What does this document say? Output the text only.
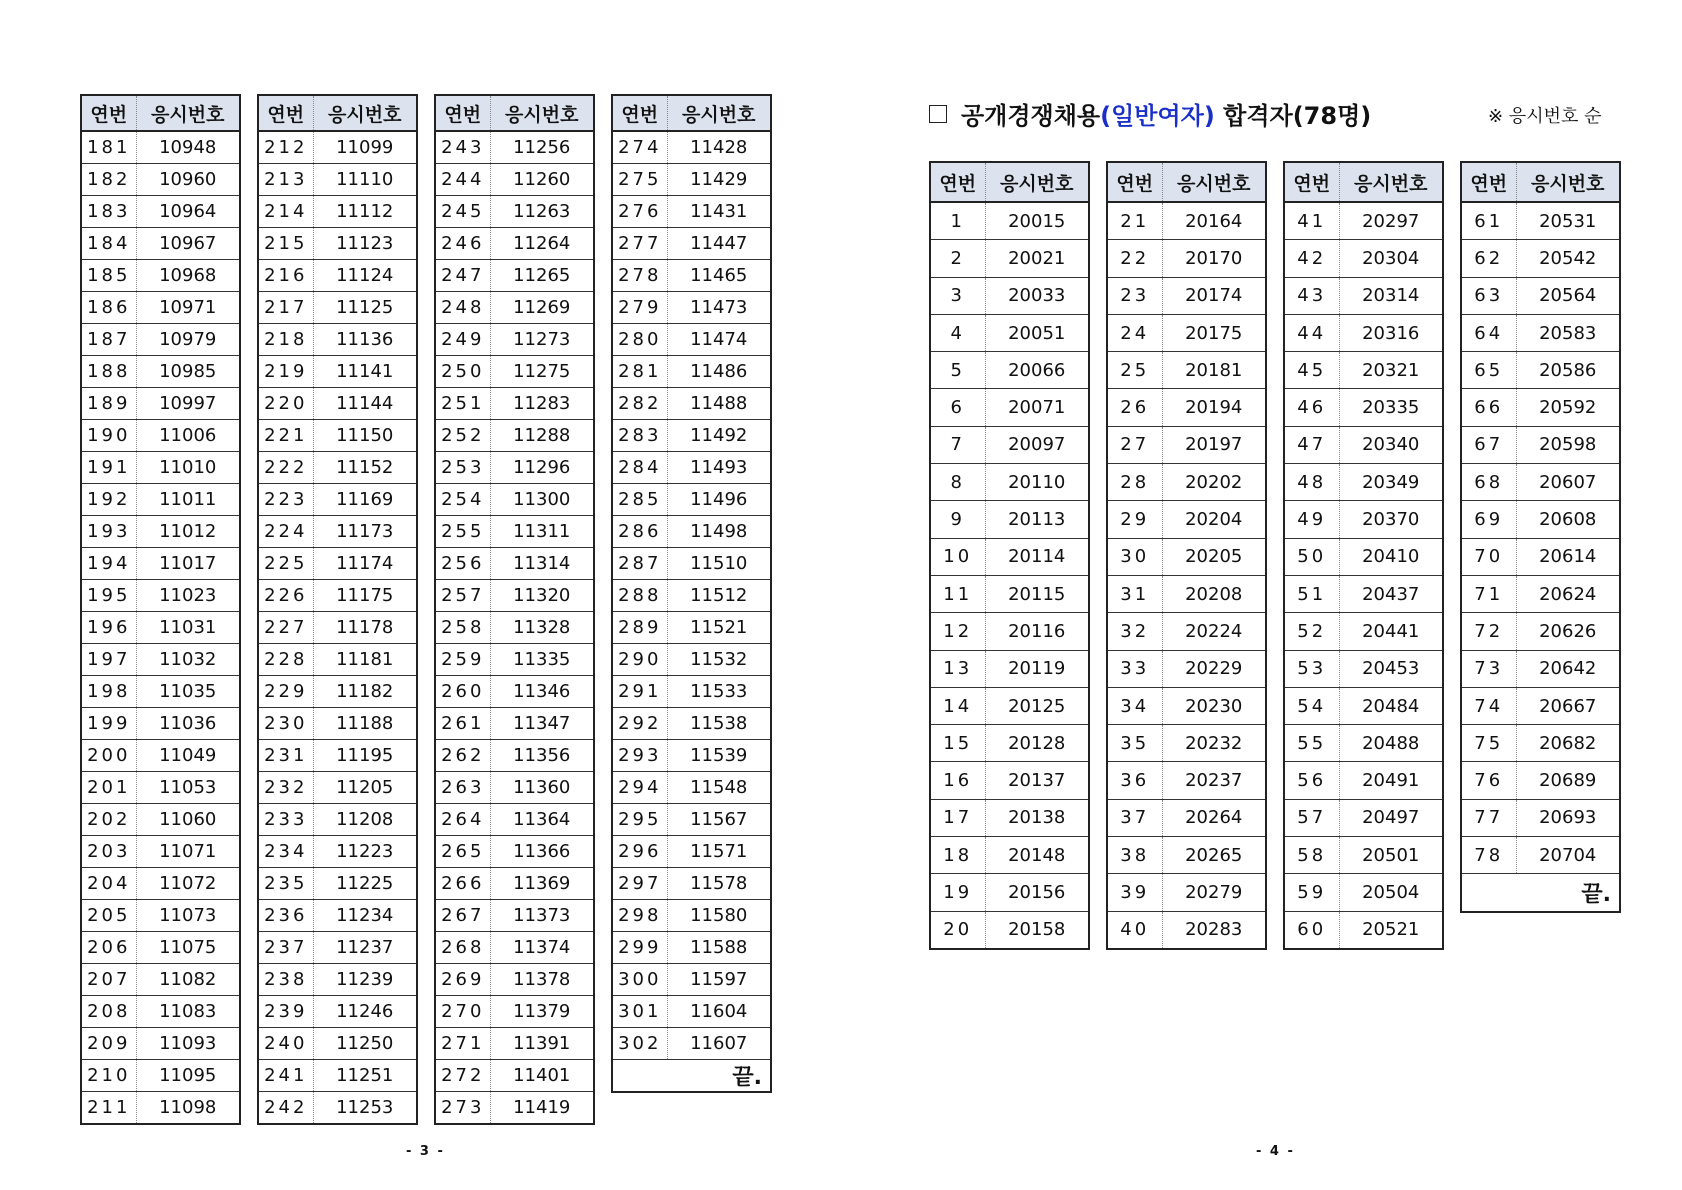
연번	응시번호
181	10948
182	10960
183	10964
184	10967
185	10968
186	10971
187	10979
188	10985
189	10997
190	11006
191	11010
192	11011
193	11012
194	11017
195	11023
196	11031
197	11032
198	11035
199	11036
200	11049
201	11053
202	11060
203	11071
204	11072
205	11073
206	11075
207	11082
208	11083
209	11093
210	11095
211	11098
연번	응시번호
212	11099
213	11110
214	11112
215	11123
216	11124
217	11125
218	11136
219	11141
220	11144
221	11150
222	11152
223	11169
224	11173
225	11174
226	11175
227	11178
228	11181
229	11182
230	11188
231	11195
232	11205
233	11208
234	11223
235	11225
236	11234
237	11237
238	11239
239	11246
240	11250
241	11251
242	11253
연번	응시번호
243	11256
244	11260
245	11263
246	11264
247	11265
248	11269
249	11273
250	11275
251	11283
252	11288
253	11296
254	11300
255	11311
256	11314
257	11320
258	11328
259	11335
260	11346
261	11347
262	11356
263	11360
264	11364
265	11366
266	11369
267	11373
268	11374
269	11378
270	11379
271	11391
272	11401
273	11419
연번	응시번호
274	11428
275	11429
276	11431
277	11447
278	11465
279	11473
280	11474
281	11486
282	11488
283	11492
284	11493
285	11496
286	11498
287	11510
288	11512
289	11521
290	11532
291	11533
292	11538
293	11539
294	11548
295	11567
296	11571
297	11578
298	11580
299	11588
300	11597
301	11604
302	11607
끝.	
- 3 -
공개경쟁채용(일반여자) 합격자(78명)	※ 응시번호 순
연번	응시번호
1	20015
2	20021
3	20033
4	20051
5	20066
6	20071
7	20097
8	20110
9	20113
10	20114
11	20115
12	20116
13	20119
14	20125
15	20128
16	20137
17	20138
18	20148
19	20156
20	20158
연번	응시번호
21	20164
22	20170
23	20174
24	20175
25	20181
26	20194
27	20197
28	20202
29	20204
30	20205
31	20208
32	20224
33	20229
34	20230
35	20232
36	20237
37	20264
38	20265
39	20279
40	20283
연번	응시번호
41	20297
42	20304
43	20314
44	20316
45	20321
46	20335
47	20340
48	20349
49	20370
50	20410
51	20437
52	20441
53	20453
54	20484
55	20488
56	20491
57	20497
58	20501
59	20504
60	20521
연번	응시번호
61	20531
62	20542
63	20564
64	20583
65	20586
66	20592
67	20598
68	20607
69	20608
70	20614
71	20624
72	20626
73	20642
74	20667
75	20682
76	20689
77	20693
78	20704
끝.	
- 4 -
